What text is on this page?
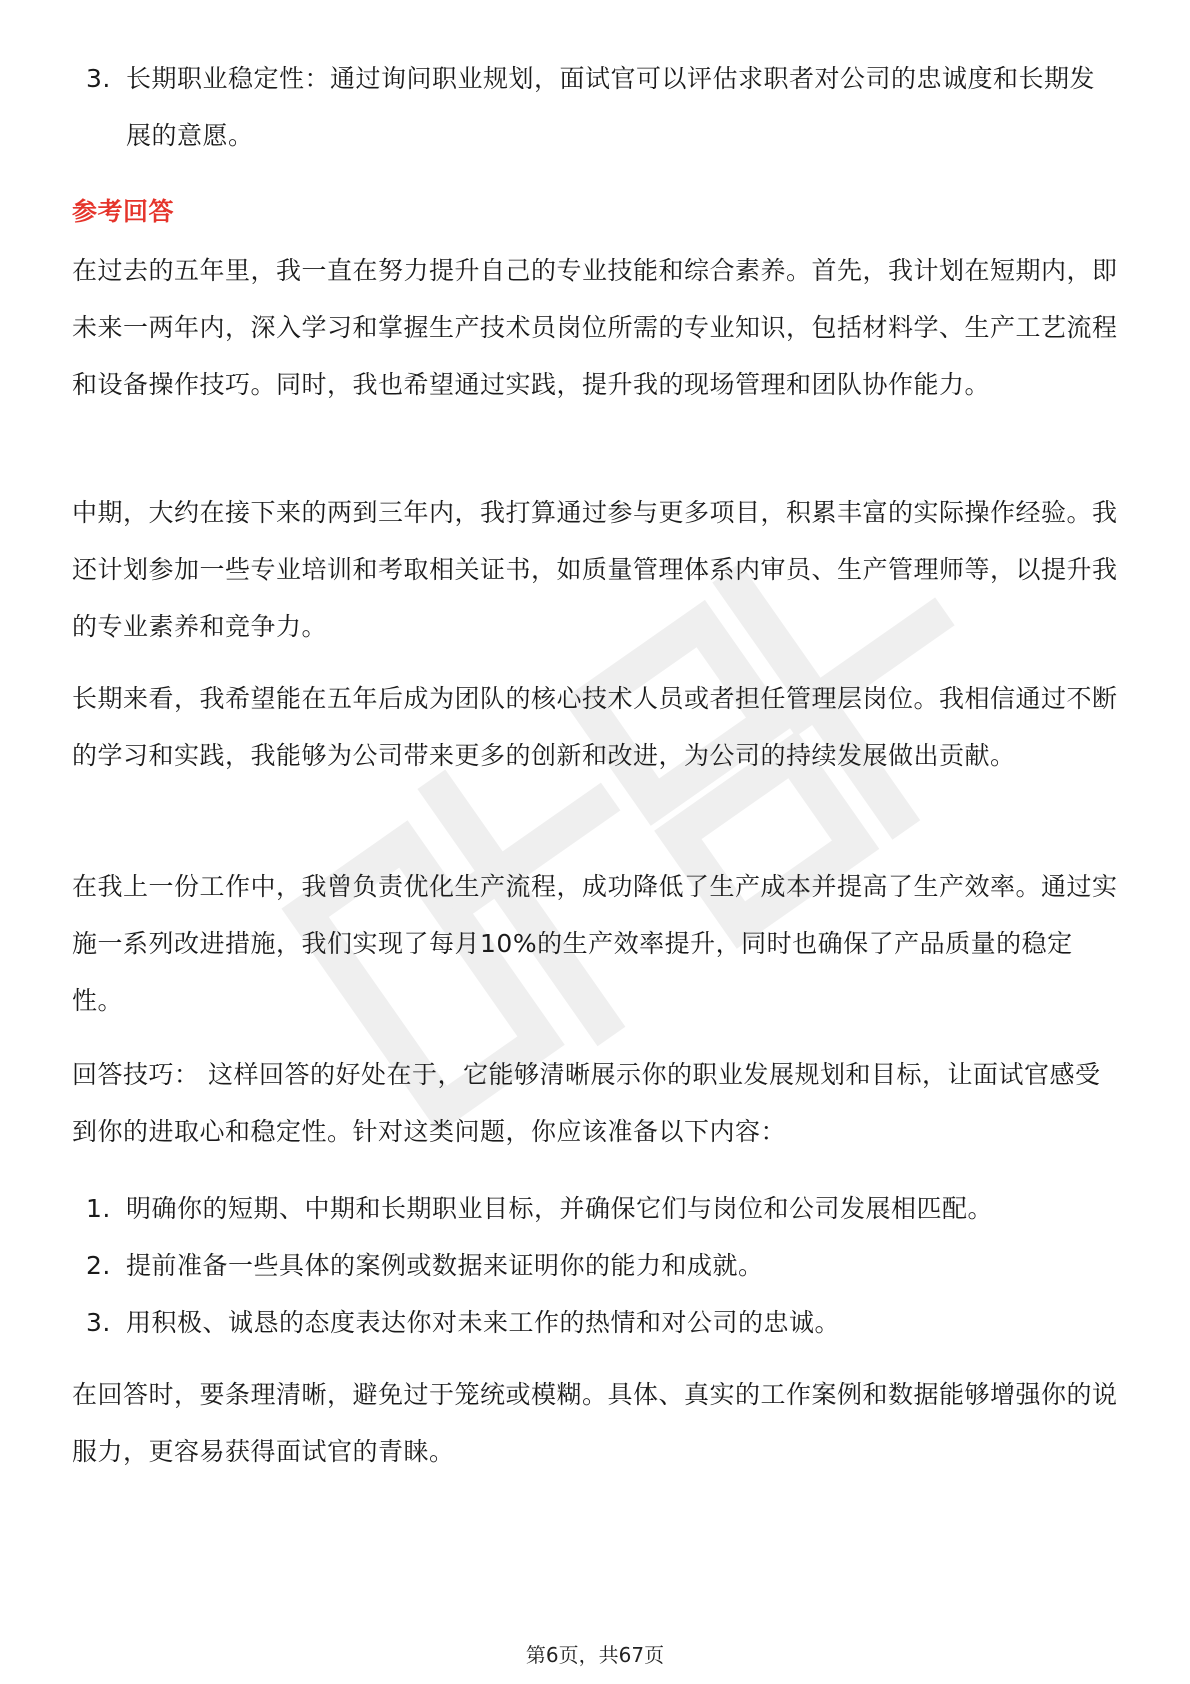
3. 长期职业稳定性：通过询问职业规划，面试官可以评估求职者对公司的忠诚度和长期发展的意愿。
参考回答
在过去的五年里，我一直在努力提升自己的专业技能和综合素养。首先，我计划在短期内，即未来一两年内，深入学习和掌握生产技术员岗位所需的专业知识，包括材料学、生产工艺流程和设备操作技巧。同时，我也希望通过实践，提升我的现场管理和团队协作能力。
中期，大约在接下来的两到三年内，我打算通过参与更多项目，积累丰富的实际操作经验。我还计划参加一些专业培训和考取相关证书，如质量管理体系内审员、生产管理师等，以提升我的专业素养和竞争力。
长期来看，我希望能在五年后成为团队的核心技术人员或者担任管理层岗位。我相信通过不断的学习和实践，我能够为公司带来更多的创新和改进，为公司的持续发展做出贡献。
在我上一份工作中，我曾负责优化生产流程，成功降低了生产成本并提高了生产效率。通过实施一系列改进措施，我们实现了每月10%的生产效率提升，同时也确保了产品质量的稳定性。
回答技巧： 这样回答的好处在于，它能够清晰展示你的职业发展规划和目标，让面试官感受到你的进取心和稳定性。针对这类问题，你应该准备以下内容：
1. 明确你的短期、中期和长期职业目标，并确保它们与岗位和公司发展相匹配。
2. 提前准备一些具体的案例或数据来证明你的能力和成就。
3. 用积极、诚恳的态度表达你对未来工作的热情和对公司的忠诚。
在回答时，要条理清晰，避免过于笼统或模糊。具体、真实的工作案例和数据能够增强你的说服力，更容易获得面试官的青睐。
第6页，共67页
